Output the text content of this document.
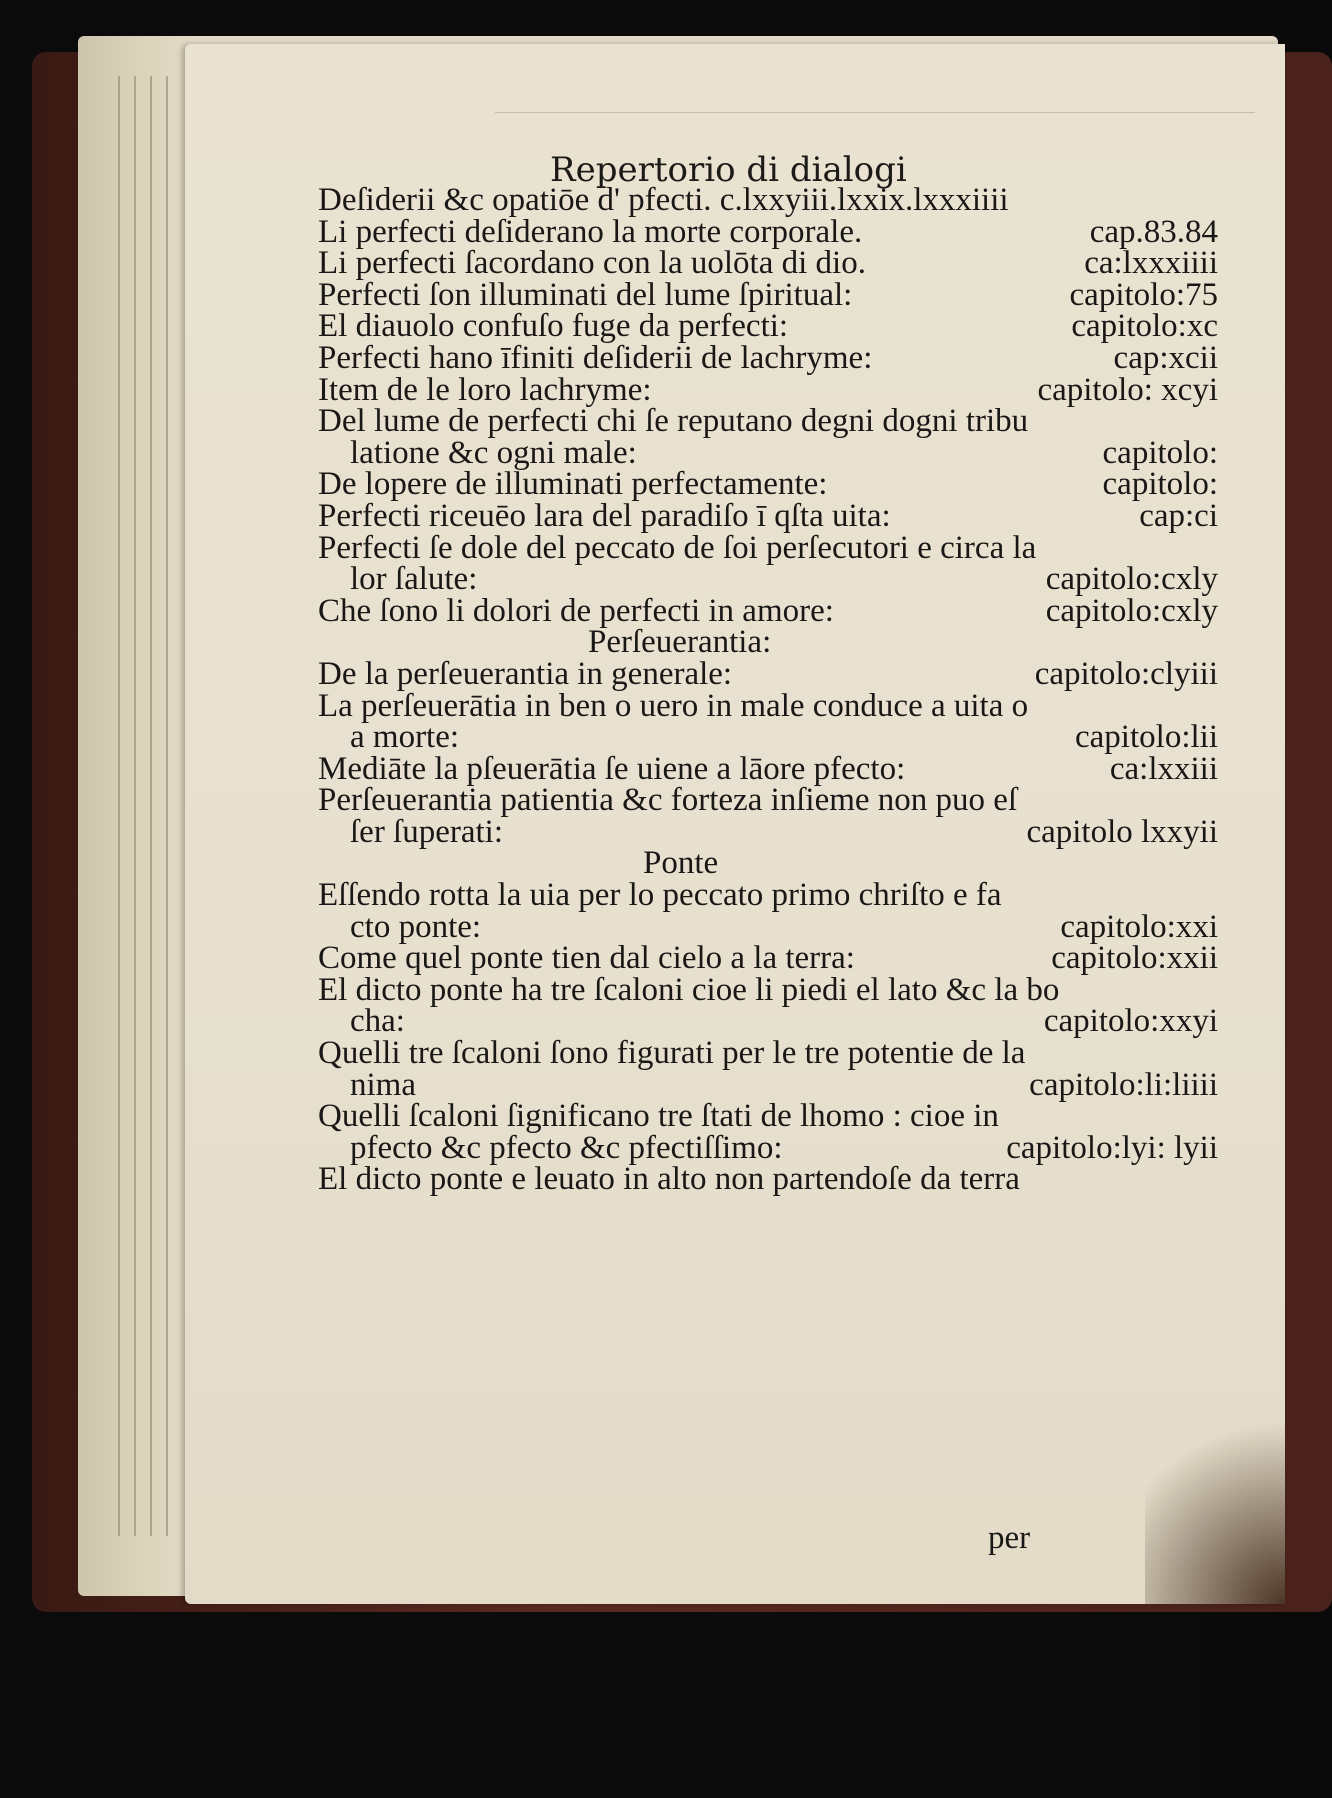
Repertorio di dialogi
Deſiderii &c opatiōe d' pfecti. c.lxxyiii.lxxix.lxxxiiii
Li perfecti deſiderano la morte corporale.	cap.83.84
Li perfecti ſacordano con la uolōta di dio.	ca:lxxxiiii
Perfecti ſon illuminati del lume ſpiritual:	capitolo:75
El diauolo confuſo fuge da perfecti:	capitolo:xc
Perfecti hano īfiniti deſiderii de lachryme:	cap:xcii
Item de le loro lachryme:	capitolo: xcyi
Del lume de perfecti chi ſe reputano degni dogni tribu
latione &c ogni male:	capitolo:
De lopere de illuminati perfectamente:	capitolo:
Perfecti riceuēo lara del paradiſo ī qſta uita:	cap:ci
Perfecti ſe dole del peccato de ſoi perſecutori e circa la
lor ſalute:	capitolo:cxly
Che ſono li dolori de perfecti in amore:	capitolo:cxly
Perſeuerantia:
De la perſeuerantia in generale:	capitolo:clyiii
La perſeuerātia in ben o uero in male conduce a uita o
a morte:	capitolo:lii
Mediāte la pſeuerātia ſe uiene a lāore pfecto:	ca:lxxiii
Perſeuerantia patientia &c forteza inſieme non puo eſ
ſer ſuperati:	capitolo lxxyii
Ponte
Eſſendo rotta la uia per lo peccato primo chriſto e fa
cto ponte:	capitolo:xxi
Come quel ponte tien dal cielo a la terra:	capitolo:xxii
El dicto ponte ha tre ſcaloni cioe li piedi el lato &c la bo
cha:	capitolo:xxyi
Quelli tre ſcaloni ſono figurati per le tre potentie de la
nima	capitolo:li:liiii
Quelli ſcaloni ſignificano tre ſtati de lhomo : cioe in
pfecto &c pfecto &c pfectiſſimo:	capitolo:lyi: lyii
El dicto ponte e leuato in alto non partendoſe da terra
per
